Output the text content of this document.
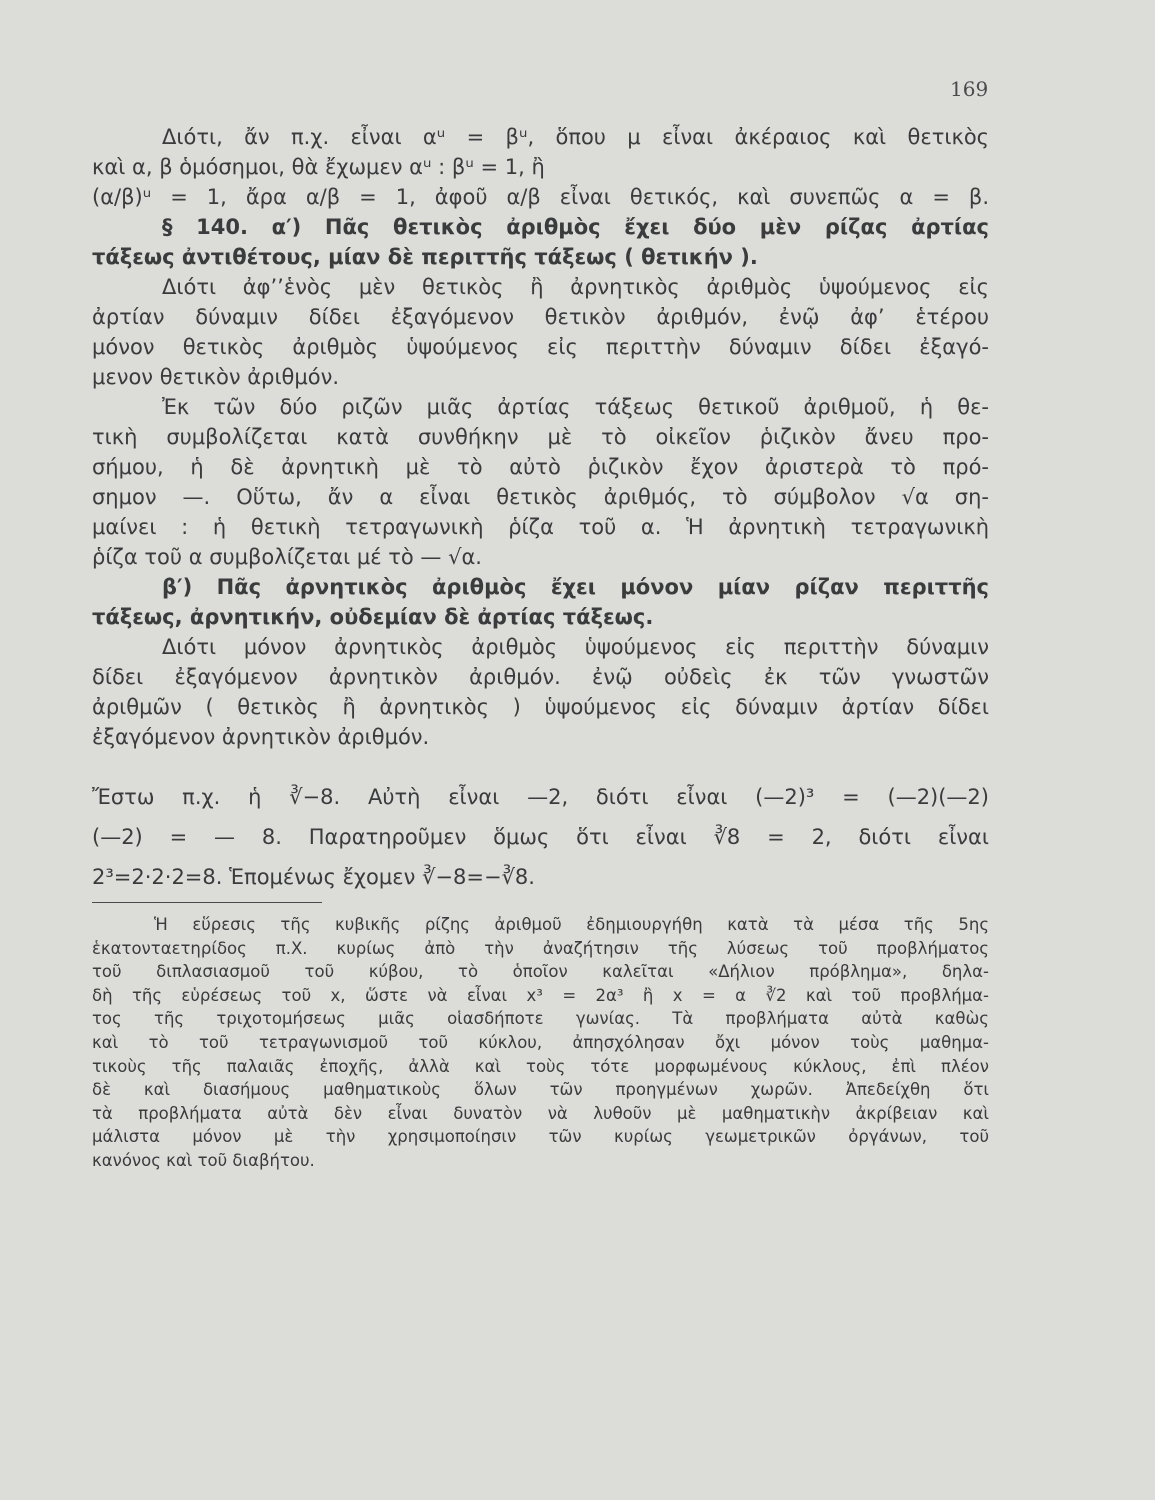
169
Διότι, ἄν π.χ. εἶναι αᵘ = βᵘ, ὅπου μ εἶναι ἀκέραιος καὶ θετικὸς
καὶ α, β ὁμόσημοι, θὰ ἔχωμεν αᵘ : βᵘ = 1, ἢ
(α/β)ᵘ = 1, ἄρα α/β = 1, ἀφοῦ α/β εἶναι θετικός, καὶ συνεπῶς α = β.
§ 140. α′) Πᾶς θετικὸς ἀριθμὸς ἔχει δύο μὲν ρίζας ἀρτίας
τάξεως ἀντιθέτους, μίαν δὲ περιττῆς τάξεως ( θετικήν ).
Διότι ἀφ’’ἑνὸς μὲν θετικὸς ἢ ἀρνητικὸς ἀριθμὸς ὑψούμενος εἰς
ἀρτίαν δύναμιν δίδει ἐξαγόμενον θετικὸν ἀριθμόν, ἐνῷ ἀφ’ ἑτέρου
μόνον θετικὸς ἀριθμὸς ὑψούμενος εἰς περιττὴν δύναμιν δίδει ἐξαγό-
μενον θετικὸν ἀριθμόν.
Ἐκ τῶν δύο ριζῶν μιᾶς ἀρτίας τάξεως θετικοῦ ἀριθμοῦ, ἡ θε-
τικὴ συμβολίζεται κατὰ συνθήκην μὲ τὸ οἰκεῖον ῥιζικὸν ἄνευ προ-
σήμου, ἡ δὲ ἀρνητικὴ μὲ τὸ αὐτὸ ῥιζικὸν ἔχον ἀριστερὰ τὸ πρό-
σημον —. Οὕτω, ἄν α εἶναι θετικὸς ἀριθμός, τὸ σύμβολον √α ση-
μαίνει : ἡ θετικὴ τετραγωνικὴ ῥίζα τοῦ α. Ἡ ἀρνητικὴ τετραγωνικὴ
ῥίζα τοῦ α συμβολίζεται μέ τὸ — √α.
β′) Πᾶς ἀρνητικὸς ἀριθμὸς ἔχει μόνον μίαν ρίζαν περιττῆς
τάξεως, ἀρνητικήν, οὐδεμίαν δὲ ἀρτίας τάξεως.
Διότι μόνον ἀρνητικὸς ἀριθμὸς ὑψούμενος εἰς περιττὴν δύναμιν
δίδει ἐξαγόμενον ἀρνητικὸν ἀριθμόν. ἐνῷ οὐδεὶς ἐκ τῶν γνωστῶν
ἀριθμῶν ( θετικὸς ἢ ἀρνητικὸς ) ὑψούμενος εἰς δύναμιν ἀρτίαν δίδει
ἐξαγόμενον ἀρνητικὸν ἀριθμόν.
Ἔστω π.χ. ἡ ∛−8. Αὐτὴ εἶναι —2, διότι εἶναι (—2)³ = (—2)(—2)
(—2) = — 8. Παρατηροῦμεν ὅμως ὅτι εἶναι ∛8 = 2, διότι εἶναι
2³=2·2·2=8. Ἑπομένως ἔχομεν ∛−8=−∛8.
Ἡ εὕρεσις τῆς κυβικῆς ρίζης ἀριθμοῦ ἐδημιουργήθη κατὰ τὰ μέσα τῆς 5ης
ἑκατονταετηρίδος π.Χ. κυρίως ἀπὸ τὴν ἀναζήτησιν τῆς λύσεως τοῦ προβλήματος
τοῦ διπλασιασμοῦ τοῦ κύβου, τὸ ὁποῖον καλεῖται «Δήλιον πρόβλημα», δηλα-
δὴ τῆς εὑρέσεως τοῦ x, ὥστε νὰ εἶναι x³ = 2α³ ἢ x = α ∛2 καὶ τοῦ προβλήμα-
τος τῆς τριχοτομήσεως μιᾶς οἱασδήποτε γωνίας. Τὰ προβλήματα αὐτὰ καθὼς
καὶ τὸ τοῦ τετραγωνισμοῦ τοῦ κύκλου, ἀπησχόλησαν ὄχι μόνον τοὺς μαθημα-
τικοὺς τῆς παλαιᾶς ἐποχῆς, ἀλλὰ καὶ τοὺς τότε μορφωμένους κύκλους, ἐπὶ πλέον
δὲ καὶ διασήμους μαθηματικοὺς ὅλων τῶν προηγμένων χωρῶν. Ἀπεδείχθη ὅτι
τὰ προβλήματα αὐτὰ δὲν εἶναι δυνατὸν νὰ λυθοῦν μὲ μαθηματικὴν ἀκρίβειαν καὶ
μάλιστα μόνον μὲ τὴν χρησιμοποίησιν τῶν κυρίως γεωμετρικῶν ὀργάνων, τοῦ
κανόνος καὶ τοῦ διαβήτου.
